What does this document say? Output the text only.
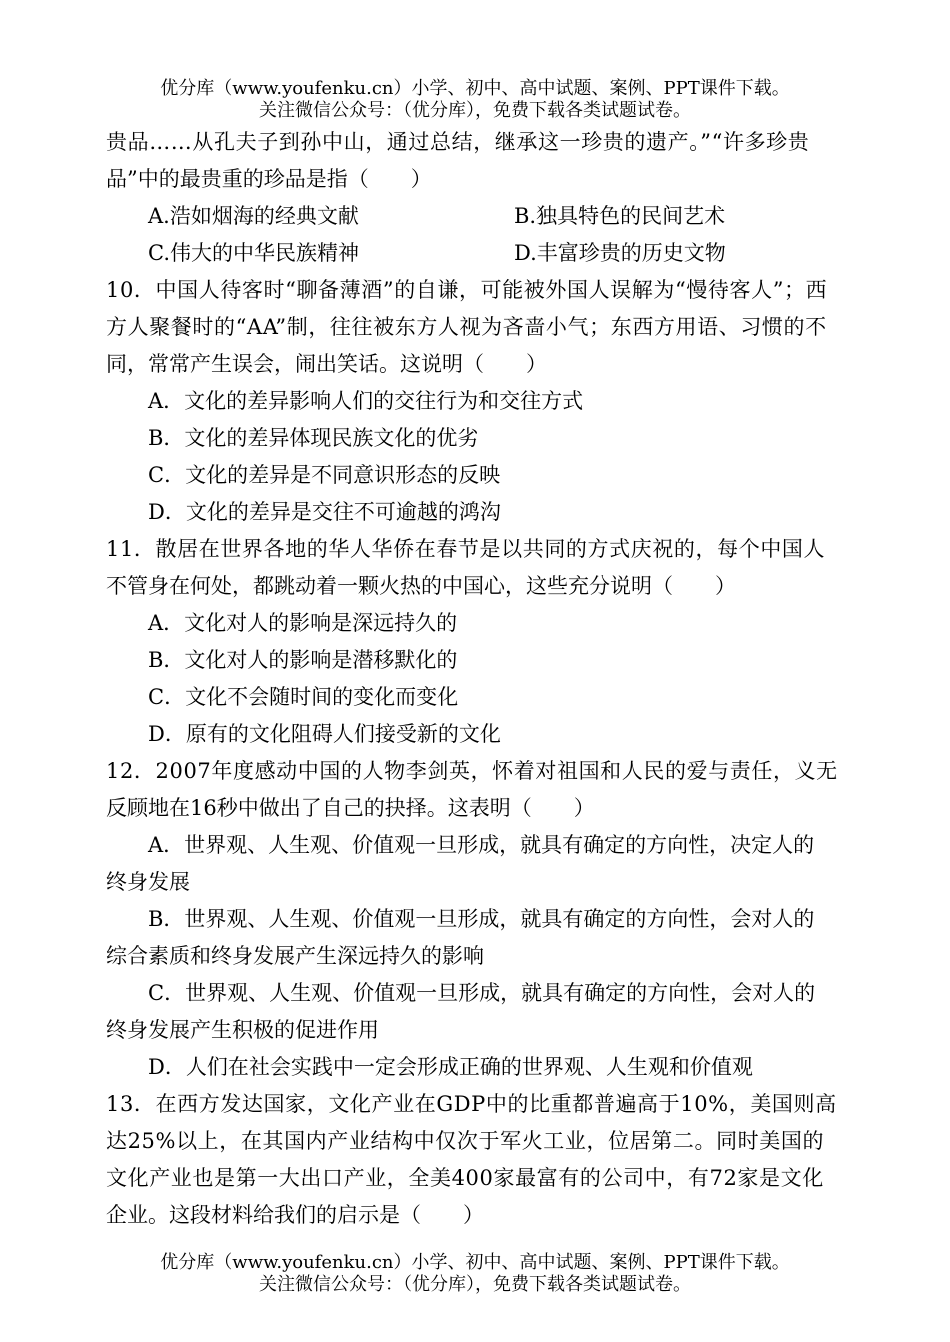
优分库（www.youfenku.cn）小学、初中、高中试题、案例、PPT课件下载。
关注微信公众号：（优分库），免费下载各类试题试卷。
贵品……从孔夫子到孙中山，通过总结，继承这一珍贵的遗产。”“许多珍贵
品”中的最贵重的珍品是指（　　）
A.浩如烟海的经典文献	B.独具特色的民间艺术
C.伟大的中华民族精神	D.丰富珍贵的历史文物
10．中国人待客时“聊备薄酒”的自谦，可能被外国人误解为“慢待客人”；西
方人聚餐时的“AA”制，往往被东方人视为吝啬小气；东西方用语、习惯的不
同，常常产生误会，闹出笑话。这说明（　　）
A．文化的差异影响人们的交往行为和交往方式
B．文化的差异体现民族文化的优劣
C．文化的差异是不同意识形态的反映
D．文化的差异是交往不可逾越的鸿沟
11．散居在世界各地的华人华侨在春节是以共同的方式庆祝的，每个中国人
不管身在何处，都跳动着一颗火热的中国心，这些充分说明（　　）
A．文化对人的影响是深远持久的
B．文化对人的影响是潜移默化的
C．文化不会随时间的变化而变化
D．原有的文化阻碍人们接受新的文化
12．2007年度感动中国的人物李剑英，怀着对祖国和人民的爱与责任，义无
反顾地在16秒中做出了自己的抉择。这表明（　　）
A．世界观、人生观、价值观一旦形成，就具有确定的方向性，决定人的
终身发展
B．世界观、人生观、价值观一旦形成，就具有确定的方向性，会对人的
综合素质和终身发展产生深远持久的影响
C．世界观、人生观、价值观一旦形成，就具有确定的方向性，会对人的
终身发展产生积极的促进作用
D．人们在社会实践中一定会形成正确的世界观、人生观和价值观
13．在西方发达国家，文化产业在GDP中的比重都普遍高于10%，美国则高
达25%以上，在其国内产业结构中仅次于军火工业，位居第二。同时美国的
文化产业也是第一大出口产业，全美400家最富有的公司中，有72家是文化
企业。这段材料给我们的启示是（　　）
优分库（www.youfenku.cn）小学、初中、高中试题、案例、PPT课件下载。
关注微信公众号：（优分库），免费下载各类试题试卷。
